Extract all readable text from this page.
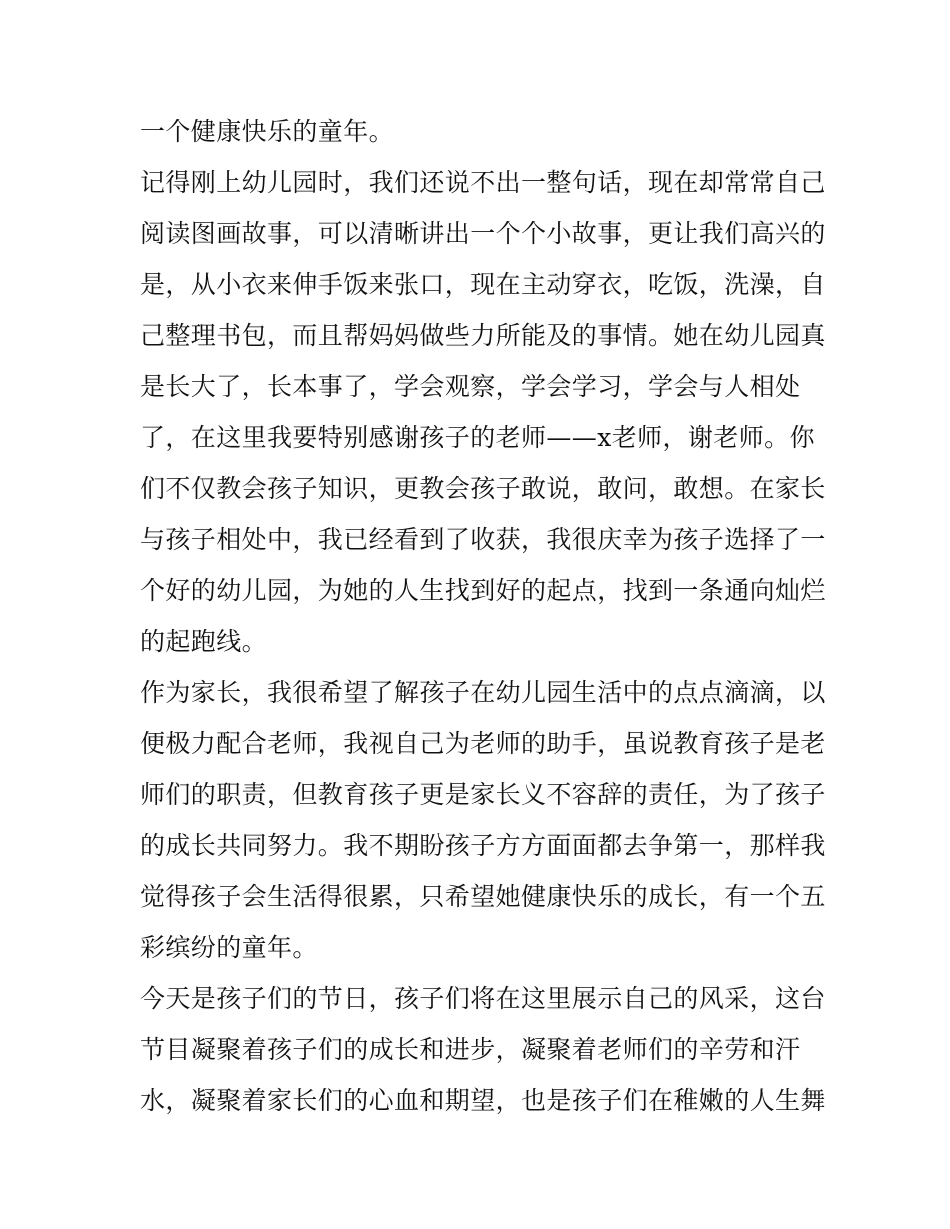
一个健康快乐的童年。
记得刚上幼儿园时，我们还说不出一整句话，现在却常常自己
阅读图画故事，可以清晰讲出一个个小故事，更让我们高兴的
是，从小衣来伸手饭来张口，现在主动穿衣，吃饭，洗澡，自
己整理书包，而且帮妈妈做些力所能及的事情。她在幼儿园真
是长大了，长本事了，学会观察，学会学习，学会与人相处
了，在这里我要特别感谢孩子的老师——x老师，谢老师。你
们不仅教会孩子知识，更教会孩子敢说，敢问，敢想。在家长
与孩子相处中，我已经看到了收获，我很庆幸为孩子选择了一
个好的幼儿园，为她的人生找到好的起点，找到一条通向灿烂
的起跑线。
作为家长，我很希望了解孩子在幼儿园生活中的点点滴滴，以
便极力配合老师，我视自己为老师的助手，虽说教育孩子是老
师们的职责，但教育孩子更是家长义不容辞的责任，为了孩子
的成长共同努力。我不期盼孩子方方面面都去争第一，那样我
觉得孩子会生活得很累，只希望她健康快乐的成长，有一个五
彩缤纷的童年。
今天是孩子们的节日，孩子们将在这里展示自己的风采，这台
节目凝聚着孩子们的成长和进步，凝聚着老师们的辛劳和汗
水，凝聚着家长们的心血和期望，也是孩子们在稚嫩的人生舞
